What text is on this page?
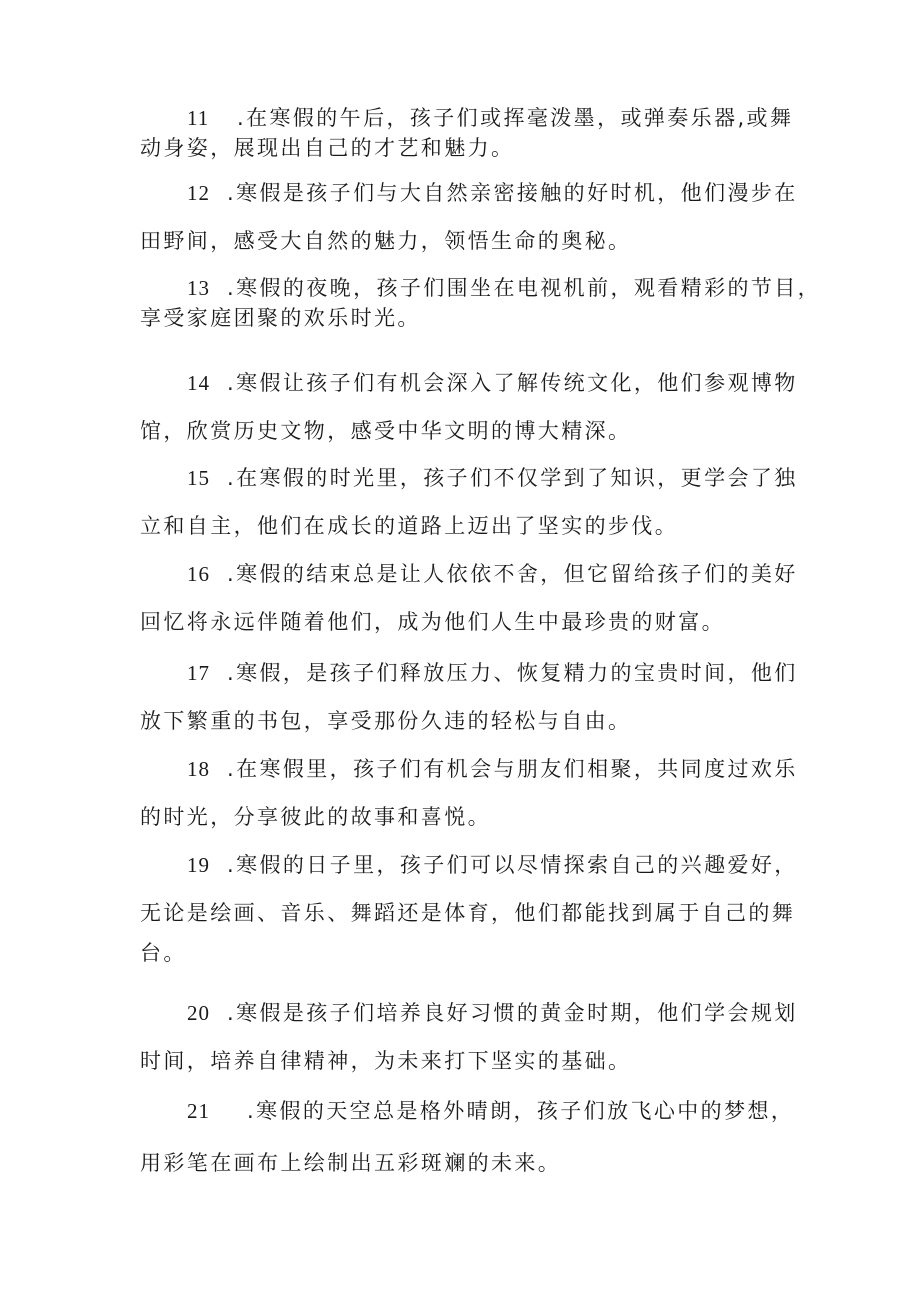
11 .在寒假的午后，孩子们或挥毫泼墨，或弹奏乐器,或舞
动身姿，展现出自己的才艺和魅力。
12 .寒假是孩子们与大自然亲密接触的好时机，他们漫步在
田野间，感受大自然的魅力，领悟生命的奥秘。
13 .寒假的夜晚，孩子们围坐在电视机前，观看精彩的节目，
享受家庭团聚的欢乐时光。
14 .寒假让孩子们有机会深入了解传统文化，他们参观博物
馆，欣赏历史文物，感受中华文明的博大精深。
15 .在寒假的时光里，孩子们不仅学到了知识，更学会了独
立和自主，他们在成长的道路上迈出了坚实的步伐。
16 .寒假的结束总是让人依依不舍，但它留给孩子们的美好
回忆将永远伴随着他们，成为他们人生中最珍贵的财富。
17 .寒假，是孩子们释放压力、恢复精力的宝贵时间，他们
放下繁重的书包，享受那份久违的轻松与自由。
18 .在寒假里，孩子们有机会与朋友们相聚，共同度过欢乐
的时光，分享彼此的故事和喜悦。
19 .寒假的日子里，孩子们可以尽情探索自己的兴趣爱好，
无论是绘画、音乐、舞蹈还是体育，他们都能找到属于自己的舞
台。
20 .寒假是孩子们培养良好习惯的黄金时期，他们学会规划
时间，培养自律精神，为未来打下坚实的基础。
21 .寒假的天空总是格外晴朗，孩子们放飞心中的梦想，
用彩笔在画布上绘制出五彩斑斓的未来。
